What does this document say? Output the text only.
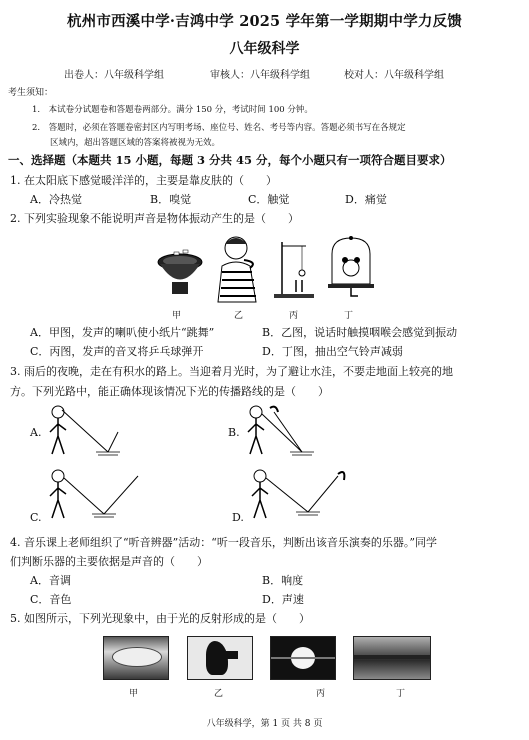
杭州市西溪中学·吉鸿中学 2025 学年第一学期期中学力反馈
八年级科学
出卷人：八年级科学组	审核人：八年级科学组	校对人：八年级科学组
考生须知：
1.　本试卷分试题卷和答题卷两部分。满分 150 分，考试时间 100 分钟。
2.　答题时，必须在答题卷密封区内写明考场、座位号、姓名、考号等内容。答题必须书写在各规定
区域内，超出答题区域的答案将被视为无效。
一、选择题（本题共 15 小题，每题 3 分共 45 分，每个小题只有一项符合题目要求）
1. 在太阳底下感觉暖洋洋的，主要是靠皮肤的（　　）
A．冷热觉	B．嗅觉	C．触觉	D．痛觉
2. 下列实验现象不能说明声音是物体振动产生的是（　　）
甲	乙	丙	丁
A．甲图，发声的喇叭使小纸片“跳舞”	B．乙图，说话时触摸咽喉会感觉到振动
C．丙图，发声的音叉将乒乓球弹开	D．丁图，抽出空气铃声减弱
3. 雨后的夜晚，走在有积水的路上。当迎着月光时，为了避让水洼，不要走地面上较亮的地
方。下列光路中，能正确体现该情况下光的传播路线的是（　　）
A.	B.
C.	D.
4. 音乐课上老师组织了“听音辨器”活动：“听一段音乐，判断出该音乐演奏的乐器。”同学
们判断乐器的主要依据是声音的（　　）
A．音调	B．响度
C．音色	D．声速
5. 如图所示，下列光现象中，由于光的反射形成的是（　　）
甲	乙	丙	丁
八年级科学，第 1 页 共 8 页
